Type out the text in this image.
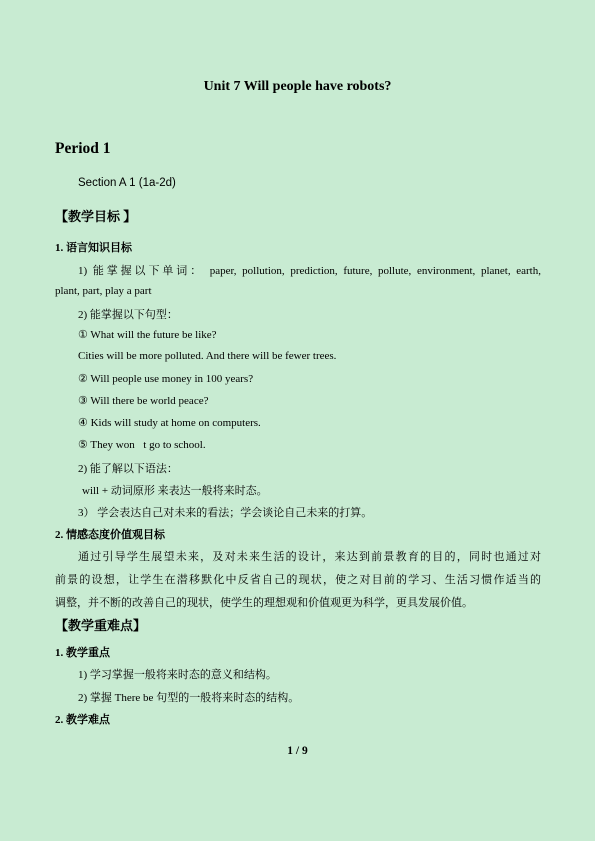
Unit 7 Will people have robots?
Period 1
Section A 1 (1a-2d)
【教学目标 】
1. 语言知识目标
1) 能掌握以下单词： paper, pollution, prediction, future, pollute, environment, planet, earth,
plant, part, play a part
2) 能掌握以下句型：
① What will the future be like?
Cities will be more polluted. And there will be fewer trees.
② Will people use money in 100 years?
③ Will there be world peace?
④ Kids will study at home on computers.
⑤ They won t go to school.
2) 能了解以下语法：
will + 动词原形 来表达一般将来时态。
3） 学会表达自己对未来的看法；学会谈论自己未来的打算。
2. 情感态度价值观目标
通过引导学生展望未来，及对未来生活的设计，来达到前景教育的目的，同时也通过对
前景的设想，让学生在潜移默化中反省自己的现状，使之对目前的学习、生活习惯作适当的
调整，并不断的改善自己的现状，使学生的理想观和价值观更为科学，更具发展价值。
【教学重难点】
1. 教学重点
1) 学习掌握一般将来时态的意义和结构。
2) 掌握 There be 句型的一般将来时态的结构。
2. 教学难点
1 / 9
